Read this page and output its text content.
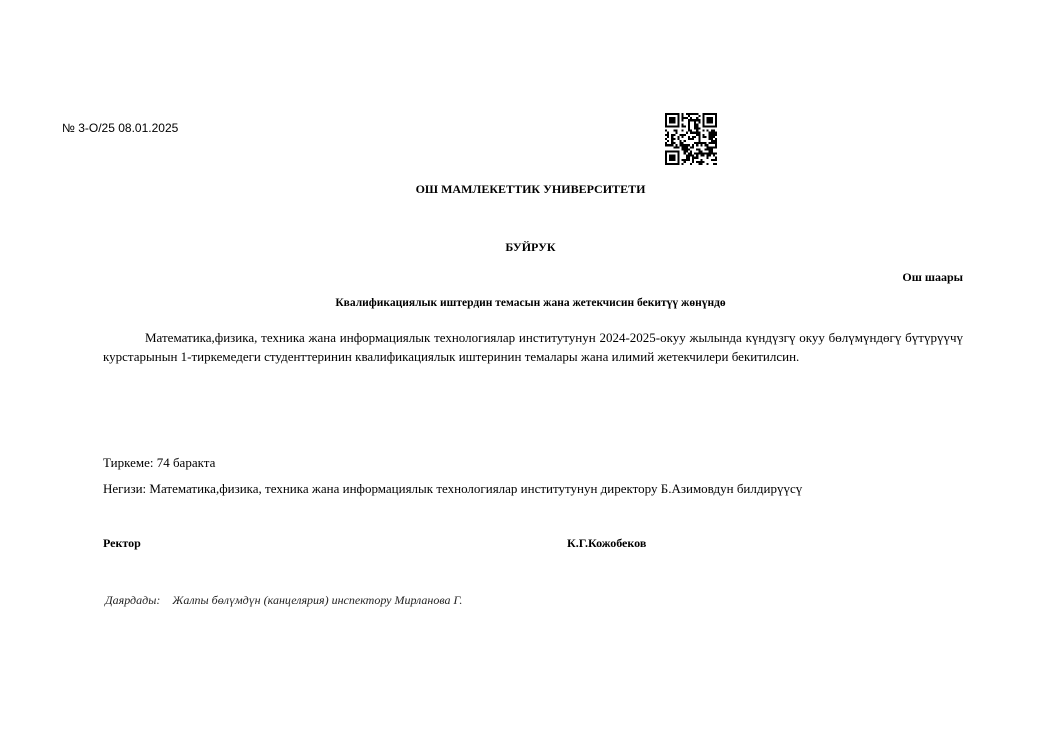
№ 3-О/25 08.01.2025
ОШ МАМЛЕКЕТТИК УНИВЕРСИТЕТИ
БУЙРУК
Ош шаары
Квалификациялык иштердин темасын жана жетекчисин бекитүү жөнүндө
Математика,физика, техника жана информациялык технологиялар институтунун 2024-2025-окуу жылында күндүзгү окуу бөлүмүндөгү бүтүрүүчү курстарынын 1-тиркемедеги студенттеринин квалификациялык иштеринин темалары жана илимий жетекчилери бекитилсин.
Тиркеме: 74 баракта
Негизи: Математика,физика, техника жана информациялык технологиялар институтунун директору Б.Азимовдун билдирүүсү
Ректор	К.Г.Кожобеков
Даярдады: Жалпы бөлүмдүн (канцелярия) инспектору Мирланова Г.
